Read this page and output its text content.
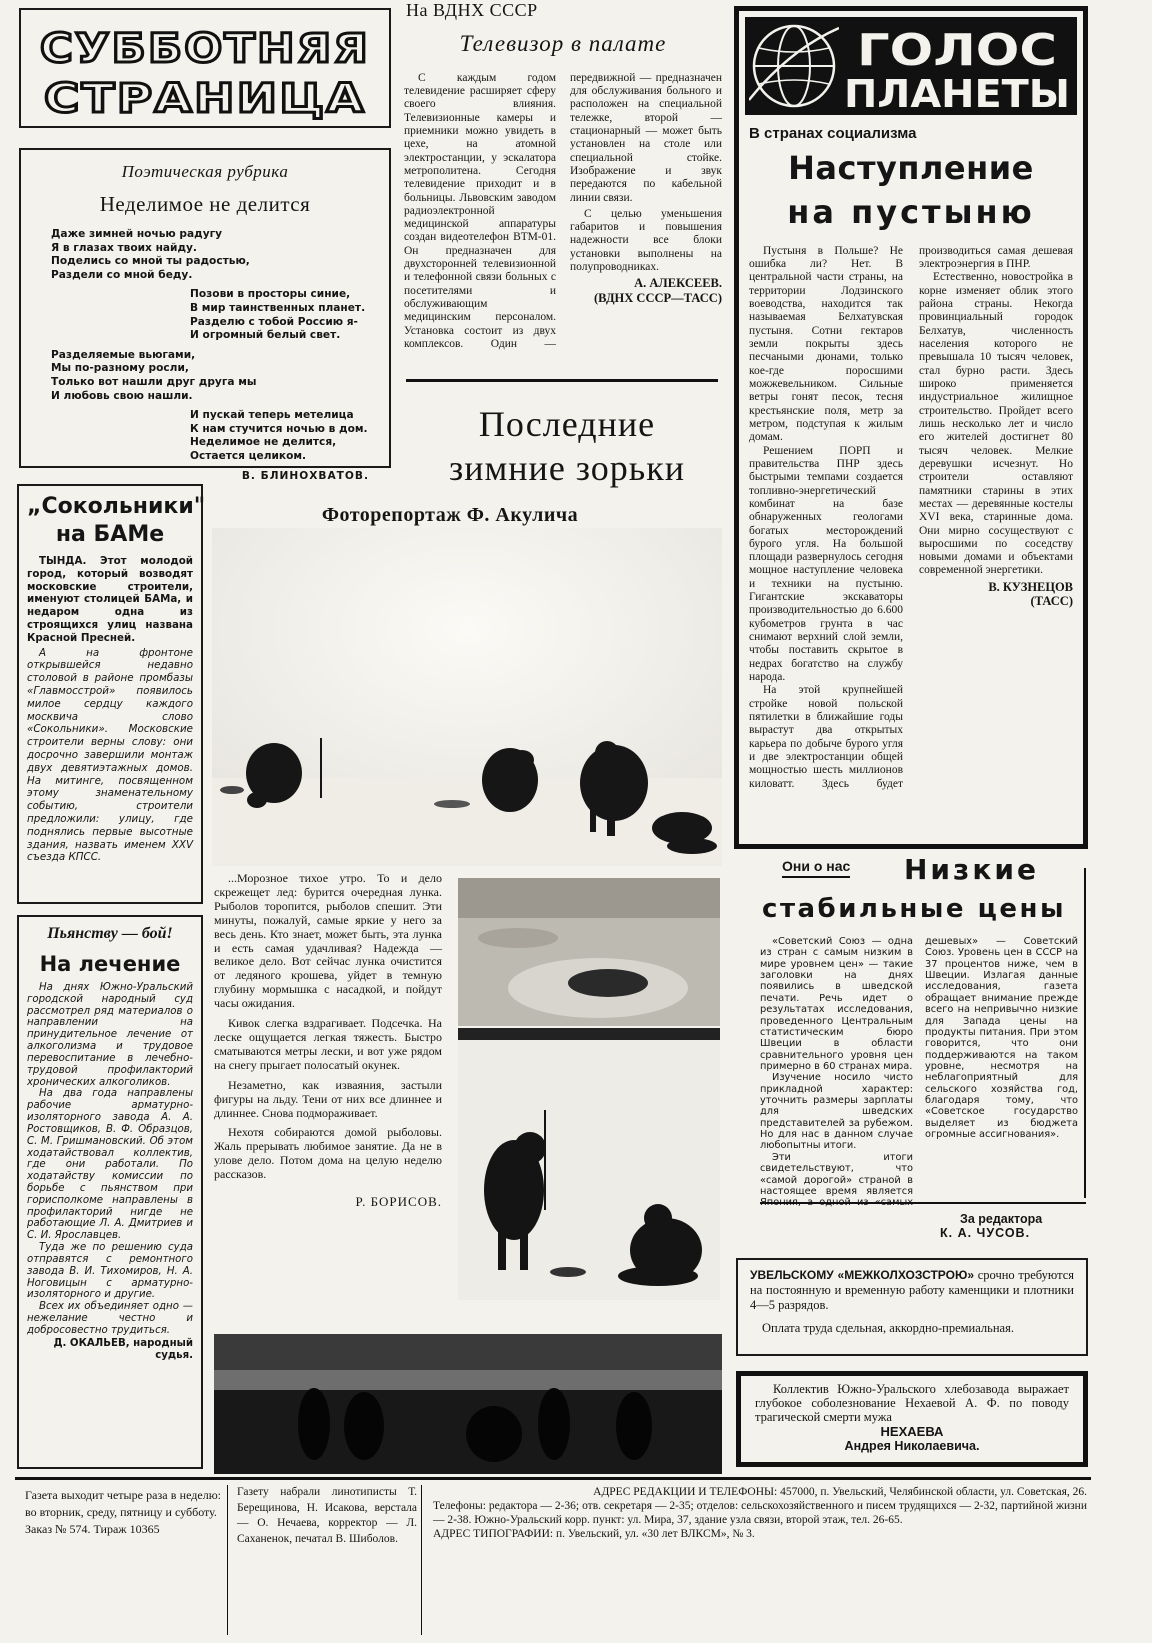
СУББОТНЯЯ
СТРАНИЦА

На ВДНХ СССР

Телевизор в палате

С каждым годом телевидение расширяет сферу своего влияния. Телевизионные камеры и приемники можно увидеть в цехе, на атомной электростанции, у эскалатора метрополитена. Сегодня телевидение приходит и в больницы. Львовским заводом радиоэлектронной медицинской аппаратуры создан видеотелефон ВТМ-01. Он предназначен для двухсторонней телевизионной и телефонной связи больных с посетителями и обслуживающим медицинским персоналом. Установка состоит из двух комплексов. Один — передвижной — предназначен для обслуживания больного и расположен на специальной тележке, второй — стационарный — может быть установлен на столе или специальной стойке. Изображение и звук передаются по кабельной линии связи.

С целью уменьшения габаритов и повышения надежности все блоки установки выполнены на полупроводниках.

А. АЛЕКСЕЕВ.

(ВДНХ СССР—ТАСС)

Поэтическая рубрика

Неделимое не делится

Даже зимней ночью радугу

Я в глазах твоих найду.

Поделись со мной ты радостью,

Раздели со мной беду.

Позови в просторы синие,

В мир таинственных планет.

Разделю с тобой Россию я-

И огромный белый свет.

Разделяемые вьюгами,

Мы по-разному росли,

Только вот нашли друг друга мы

И любовь свою нашли.

И пускай теперь метелица

К нам стучится ночью в дом.

Неделимое не делится,

Остается целиком.

В. БЛИНОХВАТОВ.

ГОЛОС
ПЛАНЕТЫ

В странах социализма

Наступление

на пустыню

Пустыня в Польше? Не ошибка ли? Нет. В центральной части страны, на территории Лодзинского воеводства, находится так называемая Белхатувская пустыня. Сотни гектаров земли покрыты здесь песчаными дюнами, только кое-где поросшими можжевельником. Сильные ветры гонят песок, тесня крестьянские поля, метр за метром, подступая к жилым домам.

Решением ПОРП и правительства ПНР здесь быстрыми темпами создается топливно-энергетический комбинат на базе обнаруженных геологами богатых месторождений бурого угля. На большой площади развернулось сегодня мощное наступление человека и техники на пустыню. Гигантские экскаваторы производительностью до 6.600 кубометров грунта в час снимают верхний слой земли, чтобы поставить скрытое в недрах богатство на службу народа.

На этой крупнейшей стройке новой польской пятилетки в ближайшие годы вырастут два открытых карьера по добыче бурого угля и две электростанции общей мощностью шесть миллионов киловатт. Здесь будет производиться самая дешевая электроэнергия в ПНР.

Естественно, новостройка в корне изменяет облик этого района страны. Некогда провинциальный городок Белхатув, численность населения которого не превышала 10 тысяч человек, стал бурно расти. Здесь широко применяется индустриальное жилищное строительство. Пройдет всего лишь несколько лет и число его жителей достигнет 80 тысяч человек. Мелкие деревушки исчезнут. Но строители оставляют памятники старины в этих местах — деревянные костелы XVI века, старинные дома. Они мирно сосуществуют с выросшими по соседству новыми домами и объектами современной энергетики.

В. КУЗНЕЦОВ

(ТАСС)

Последние

зимние зорьки

Фоторепортаж Ф. Акулича

...Морозное тихое утро. То и дело скрежещет лед: бурится очередная лунка. Рыболов торопится, рыболов спешит. Эти минуты, пожалуй, самые яркие у него за весь день. Кто знает, может быть, эта лунка и есть самая удачливая? Надежда — великое дело. Вот сейчас лунка очистится от ледяного крошева, уйдет в темную глубину мормышка с насадкой, и пойдут часы ожидания.

Кивок слегка вздрагивает. Подсечка. На леске ощущается легкая тяжесть. Быстро сматываются метры лески, и вот уже рядом на снегу прыгает полосатый окунек.

Незаметно, как изваяния, застыли фигуры на льду. Тени от них все длиннее и длиннее. Снова подмораживает.

Нехотя собираются домой рыболовы. Жаль прерывать любимое занятие. Да не в улове дело. Потом дома на целую неделю рассказов.

Р. БОРИСОВ.

„Сокольники"

на БАМе

ТЫНДА. Этот молодой город, который возводят московские строители, именуют столицей БАМа, и недаром одна из строящихся улиц названа Красной Пресней.

А на фронтоне открывшейся недавно столовой в районе промбазы «Главмосстрой» появилось милое сердцу каждого москвича слово «Сокольники». Московские строители верны слову: они досрочно завершили монтаж двух девятиэтажных домов. На митинге, посвященном этому знаменательному событию, строители предложили: улицу, где поднялись первые высотные здания, назвать именем XXV съезда КПСС.

Пьянству — бой!

На лечение

На днях Южно-Уральский городской народный суд рассмотрел ряд материалов о направлении на принудительное лечение от алкоголизма и трудовое перевоспитание в лечебно-трудовой профилакторий хронических алкоголиков.

На два года направлены рабочие арматурно-изоляторного завода А. А. Ростовщиков, В. Ф. Образцов, С. М. Гришмановский. Об этом ходатайствовал коллектив, где они работали. По ходатайству комиссии по борьбе с пьянством при горисполкоме направлены в профилакторий нигде не работающие Л. А. Дмитриев и С. И. Ярославцев.

Туда же по решению суда отправятся с ремонтного завода В. И. Тихомиров, Н. А. Ноговицын с арматурно-изоляторного и другие.

Всех их объединяет одно — нежелание честно и добросовестно трудиться.

Д. ОКАЛЬЕВ, народный судья.

Они о нас Низкие

стабильные цены

«Советский Союз — одна из стран с самым низким в мире уровнем цен» — такие заголовки на днях появились в шведской печати. Речь идет о результатах исследования, проведенного Центральным статистическим бюро Швеции в области сравнительного уровня цен примерно в 60 странах мира.

Изучение носило чисто прикладной характер: уточнить размеры зарплаты для шведских представителей за рубежом. Но для нас в данном случае любопытны итоги.

Эти итоги свидетельствуют, что «самой дорогой» страной в настоящее время является дешевых» — Советский Союз. Уровень цен в СССР на 37 процентов ниже, чем в Швеции. Излагая данные исследования, газета обращает внимание прежде всего на непривычно низкие для Запада цены на продукты питания. При этом говорится, что они поддерживаются на таком уровне, несмотря на неблагоприятный для сельского хозяйства год, благодаря тому, что «Советское государство выделяет из бюджета огромные ассигнования».

За редактора

К. А. ЧУСОВ.

УВЕЛЬСКОМУ «МЕЖКОЛХОЗСТРОЮ» срочно требуются на постоянную и временную работу каменщики и плотники 4—5 разрядов.

Оплата труда сдельная, аккордно-премиальная.

Коллектив Южно-Уральского хлебозавода выражает глубокое соболезнование Нехаевой А. Ф. по поводу трагической смерти мужа

НЕХАЕВА

Андрея Николаевича.

Газета выходит четыре раза в неделю: во вторник, среду, пятницу и субботу.

Заказ № 574. Тираж 10365

Газету набрали линотиписты Т. Берещинова, Н. Исакова, верстала — О. Нечаева, корректор — Л. Саханенок, печатал В. Шиболов.

АДРЕС РЕДАКЦИИ И ТЕЛЕФОНЫ: 457000, п. Увельский, Челябинской области, ул. Советская, 26.

Телефоны: редактора — 2-36; отв. секретаря — 2-35; отделов: сельскохозяйственного и писем трудящихся — 2-32, партийной жизни — 2-38. Южно-Уральский корр. пункт: ул. Мира, 37, здание узла связи, второй этаж, тел. 26-65.

АДРЕС ТИПОГРАФИИ: п. Увельский, ул. «30 лет ВЛКСМ», № 3.
